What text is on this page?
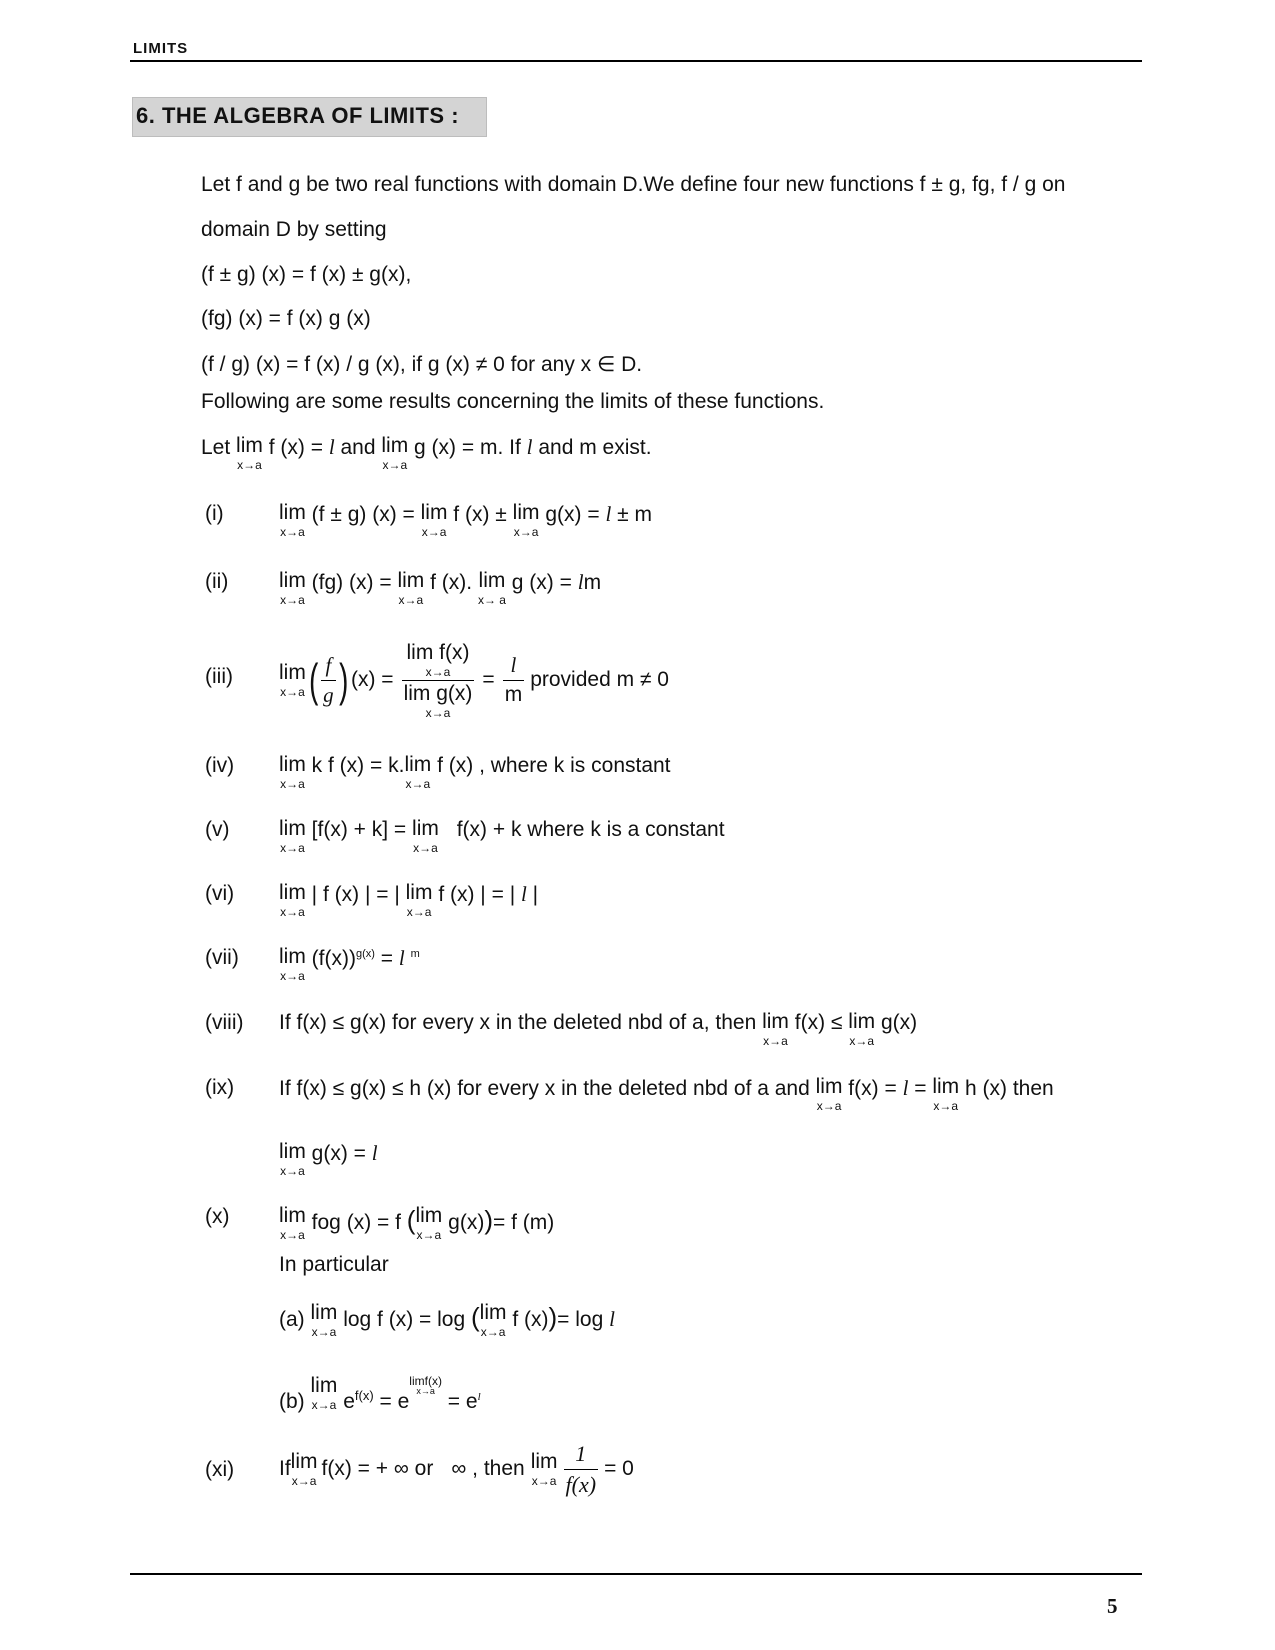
LIMITS
6. THE ALGEBRA OF LIMITS :
Let f and g be two real functions with domain D.We define four new functions f ± g, fg, f / g on
domain D by setting
(f ± g) (x) = f (x) ± g(x),
(fg) (x) = f (x) g (x)
(f / g) (x) = f (x) / g (x), if g (x) ≠ 0 for any x ∈ D.
Following are some results concerning the limits of these functions.
Let lim
x→a
f (x) = l and lim
x→a
g (x) = m. If l and m exist.
(i)	lim
x→a
(f ± g) (x) = lim
x→a
f (x) ± lim
x→a
g(x) = l ± m
(ii) lim
x→a
(fg) (x) = lim
x→a
f (x). lim
x→ a
g (x) = lm
(iii) lim
x→a ( $\frac{f}{g}$ ) (x) = lim f(x)
x→a
lim g(x)
$x\to a = \frac{l}{m}$ provided m ≠ 0
(iv) lim
x→a
k f (x) = k. lim
x→a
f (x) , where k is constant
(v) lim
x→a
[f(x) + k] = lim
x→a
f(x) + k where k is a constant
(vi) lim
x→a
| f (x) | = | lim
x→a
f (x) | = | l |
(vii) lim
x→a
$(f(x))^{g(x)} = l$ $^m$
(viii) If f(x) ≤ g(x) for every x in the deleted nbd of a, then lim
x→a
f(x) ≤ lim
x→a
g(x)
(ix) If f(x) ≤ g(x) ≤ h (x) for every x in the deleted nbd of a and lim
x→a
f(x) = l = lim
x→a
h (x) then
lim
x→a
g(x) = l
(x) lim
x→a
fog (x) = f ( lim
x→a
g(x))= f (m)
In particular
(a) lim
x→a
log f (x) = log ( lim
x→a
f (x))= log l
(b)
lim
x→a $e^{f(x)} = e$
limf(x)
$x\to a = e^l$
(xi) If lim
x→a
f(x) = + ∞ or ∞ , then lim
$x\to a \frac{1}{f(x)} = 0$
5
